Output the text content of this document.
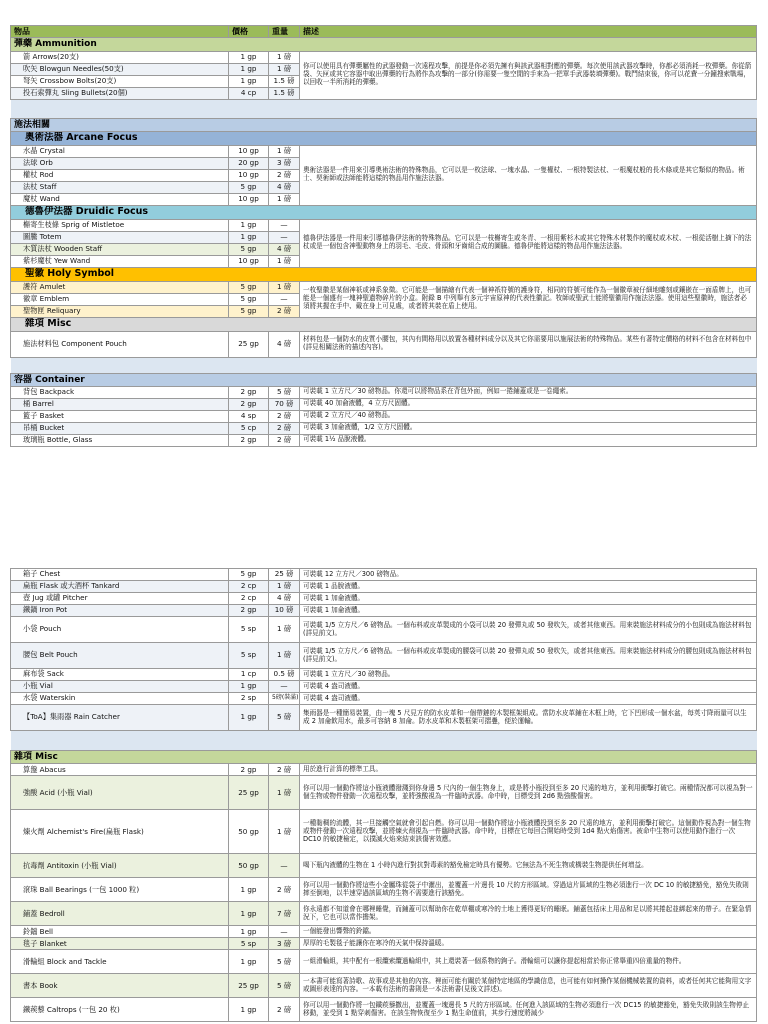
物品	價格	重量	描述
彈藥 Ammunition			
箭 Arrows(20支)	1 gp	1 磅	你可以使用具有彈藥屬性的武器發動一次遠程攻擊，前提是你必須先擁有與該武器相對應的彈藥。每次使用該武器攻擊時，你都必須消耗一枚彈藥。你從箭袋、矢匣或其它容器中取出彈藥的行為將作為攻擊的一部分(你需要一隻空閒的手來為一把單手武器裝填彈藥)。戰鬥結束後，你可以花費一分鐘搜索戰場，以回收一半所消耗的彈藥。
吹矢 Blowgun Needles(50支)	1 gp	1 磅	
弩矢 Crossbow Bolts(20支)	1 gp	1.5 磅	
投石索彈丸 Sling Bullets(20個)	4 cp	1.5 磅	

施法相關			
奧術法器 Arcane Focus			
水晶 Crystal	10 gp	1 磅	奧術法器是一件用來引導奧術法術的特殊物品，它可以是一枚法球、一塊水晶、一隻權杖、一根特製法杖、一根魔杖般的長木條或是其它類似的物品。術士、契術師或法師能將這樣的物品用作施法法器。
法球 Orb	20 gp	3 磅	
權杖 Rod	10 gp	2 磅	
法杖 Staff	5 gp	4 磅	
魔杖 Wand	10 gp	1 磅	
德魯伊法器 Druidic Focus			
槲寄生枝條 Sprig of Mistletoe	1 gp	—	德魯伊法器是一件用來引導德魯伊法術的特殊物品。它可以是一枝槲寄生或冬青、一根用紫杉木或其它特殊木材製作的魔杖或木杖、一根從活樹上摘下的法杖或是一個包含神聖動物身上的羽毛、毛皮、骨頭和牙齒組合成的圖騰。德魯伊能將這樣的物品用作施法法器。
圖騰 Totem	1 gp	—	
木質法杖 Wooden Staff	5 gp	4 磅	
紫杉魔杖 Yew Wand	10 gp	1 磅	
聖徽 Holy Symbol			
護符 Amulet	5 gp	1 磅	一枚聖徽是某個神祇或神系象徵。它可能是一個描繪有代表一個神祇符號的護身符，相同的符號可能作為一個徽章被仔細地雕刻或鑲嵌在一面盾牌上，也可能是一個盛有一塊神聖遺物碎片的小盒。附錄 B 中列舉有多元宇宙原神的代表性徽記。牧師或聖武士能將聖徽用作施法法器。使用這些聖徽時，施法者必須將其握在手中、戴在身上可見處，或者將其裝在盾上使用。
徽章 Emblem	5 gp	—	
聖物匣 Reliquary	5 gp	2 磅	
雜項 Misc			
施法材料包 Component Pouch	25 gp	4 磅	材料包是一個防水的皮質小腰包，其內有間格用以放置各種材料成分以及其它你需要用以施展法術的特殊物品。某些有著特定價格的材料不包含在材料包中(詳見相關法術的描述內容)。

容器 Container			
背包 Backpack	2 gp	5 磅	可裝載 1 立方尺／30 磅物品。你還可以將物品系在背包外面，例如一捲鋪蓋或是一卷繩索。
桶 Barrel	2 gp	70 磅	可裝載 40 加侖液體，4 立方尺固體。
籃子 Basket	4 sp	2 磅	可裝載 2 立方尺／40 磅物品。
吊桶 Bucket	5 cp	2 磅	可裝載 3 加侖液體，1/2 立方尺固體。
玻璃瓶 Bottle, Glass	2 gp	2 磅	可裝載 1½ 品脫液體。
箱子 Chest	5 gp	25 磅	可裝載 12 立方尺／300 磅物品。
扁瓶 Flask 或大酒杯 Tankard	2 cp	1 磅	可裝載 1 品脫液體。
壺 Jug 或罐 Pitcher	2 cp	4 磅	可裝載 1 加侖液體。
鐵鍋 Iron Pot	2 gp	10 磅	可裝載 1 加侖液體。
小袋 Pouch	5 sp	1 磅	可裝載 1/5 立方尺／6 磅物品。一個布料或皮革製成的小袋可以裝 20 發彈丸或 50 發吹矢，或者其他東西。用來裝施法材料成分的小包則成為施法材料包(詳見前文)。
腰包 Belt Pouch	5 sp	1 磅	可裝載 1/5 立方尺／6 磅物品。一個布料或皮革製成的腰袋可以裝 20 發彈丸或 50 發吹矢，或者其他東西。用來裝施法材料成分的腰包則成為施法材料包(詳見前文)。
麻布袋 Sack	1 cp	0.5 磅	可裝載 1 立方尺／30 磅物品。
小瓶 Vial	1 gp	—	可裝載 4 盎司液體。
水袋 Waterskin	2 sp	5磅(裝滿)	可裝載 4 盎司液體。
【ToA】集雨器 Rain Catcher	1 gp	5 磅	集雨器是一種簡易裝置，由一塊 5 尺見方的防水皮革和一個帶鏈的木製框架組成。當防水皮革鋪在木框上時，它下凹形成一個水盆，每英寸降雨量可以生成 2 加侖飲用水，最多可容納 8 加侖。防水皮革和木製框架可摺疊，便於運輸。

雜項 Misc			
算盤 Abacus	2 gp	2 磅	用於進行計算的標準工具。
強酸 Acid (小瓶 Vial)	25 gp	1 磅	你可以用一個動作將這小瓶液體潑濺到你身邊 5 尺內的一個生物身上，或是將小瓶投到至多 20 尺遠的地方，並利用衝擊打破它。兩種情況都可以視為對一個生物或物件發動一次遠程攻擊，並將強酸視為一件臨時武器。命中時，目標受到 2d6 點強酸傷害。
煉火劑 Alchemist's Fire(扁瓶 Flask)	50 gp	1 磅	一種黏稠的流體，其一旦接觸空氣就會引起自燃。你可以用一個動作將這小瓶液體投到至多 20 尺遠的地方，並利用衝擊打破它。這個動作視為對一個生物或物件發動一次遠程攻擊，並將煉火劑視為一件臨時武器。命中時，目標在它每回合開始時受到 1d4 點火焰傷害。被命中生物可以使用動作進行一次 DC10 的敏捷檢定，以撲滅火焰來結束該傷害效應。
抗毒劑 Antitoxin (小瓶 Vial)	50 gp	—	喝下瓶內液體的生物在 1 小時內進行對抗對毒素的豁免檢定時具有優勢。它無法為不死生物或構裝生物提供任何增益。
滾珠 Ball Bearings (一包 1000 粒)	1 gp	2 磅	你可以用一個動作將這些小金屬珠從袋子中灑出，並覆蓋一片邊長 10 尺的方形區域。穿過這片區域的生物必須進行一次 DC 10 的敏捷豁免，豁免失敗則摔至倒地，以半速穿過該區域的生物不需要進行該豁免。
鋪蓋 Bedroll	1 gp	7 磅	你永遠都不知道會在哪裡睡覺，而鋪蓋可以幫助你在乾草棚或寒冷的土地上獲得更好的睡眠。鋪蓋包括床上用品和足以將其捲起並綁起來的帶子。在緊急情況下，它也可以當作擔架。
鈴鐺 Bell	1 gp	—	一個能發出響聲的鈴鐺。
毯子 Blanket	5 sp	3 磅	厚厚的毛製毯子能讓你在寒冷的天氣中保持溫暖。
滑輪組 Block and Tackle	1 gp	5 磅	一組滑輪組，其中配有一根纜索纜過輪組中，其上還裝著一個系物的鉤子。滑輪組可以讓你提起相當於你正常舉重四倍重量的物件。
書本 Book	25 gp	5 磅	一本書可能寫著詩歌、故事或是其他的內容。裡面可能有關於某個特定地區的學識信息，也可能有如何操作某個機械裝置的資料，或者任何其它能夠用文字或圖形表達的內容。一本載有法術的書則是一本法術書(見後文詳述)。
鐵蒺藜 Caltrops (一包 20 枚)	1 gp	2 磅	你可以用一個動作將一包鐵蒺藜撒出，並覆蓋一塊邊長 5 尺的方形區域。任何進入該區域的生物必須進行一次 DC15 的敏捷豁免，豁免失敗則該生物停止移動，並受到 1 點穿刺傷害。在該生物恢復至少 1 點生命值前，其步行速度將減少
